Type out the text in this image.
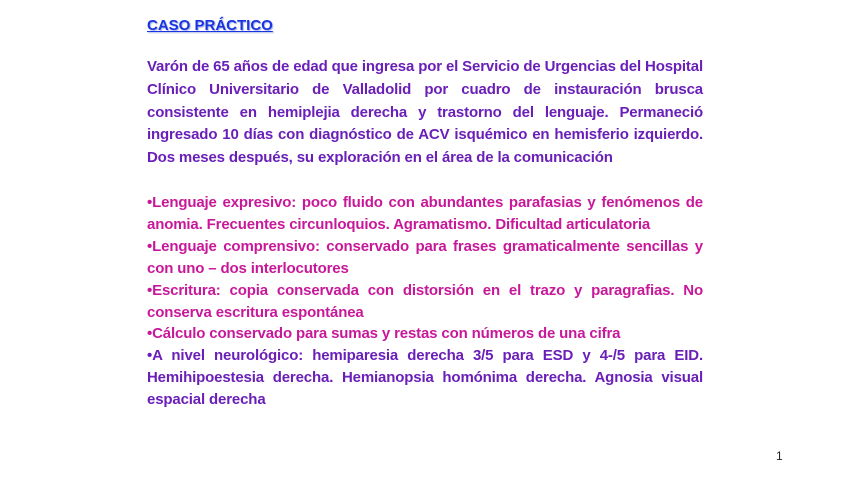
CASO PRÁCTICO

Varón de 65 años de edad que ingresa por el Servicio de Urgencias del Hospital Clínico Universitario de Valladolid por cuadro de instauración brusca consistente en hemiplejia derecha y trastorno del lenguaje. Permaneció ingresado 10 días con diagnóstico de ACV isquémico en hemisferio izquierdo. Dos meses después, su exploración en el área de la comunicación

•Lenguaje expresivo: poco fluido con abundantes parafasias y fenómenos de anomia. Frecuentes circunloquios. Agramatismo. Dificultad articulatoria
•Lenguaje comprensivo: conservado para frases gramaticalmente sencillas y con uno – dos interlocutores
•Escritura: copia conservada con distorsión en el trazo y paragrafias. No conserva escritura espontánea
•Cálculo conservado para sumas y restas con números de una cifra
•A nivel neurológico: hemiparesia derecha 3/5 para ESD y 4-/5 para EID. Hemihipoestesia derecha. Hemianopsia homónima derecha. Agnosia visual espacial derecha
1
